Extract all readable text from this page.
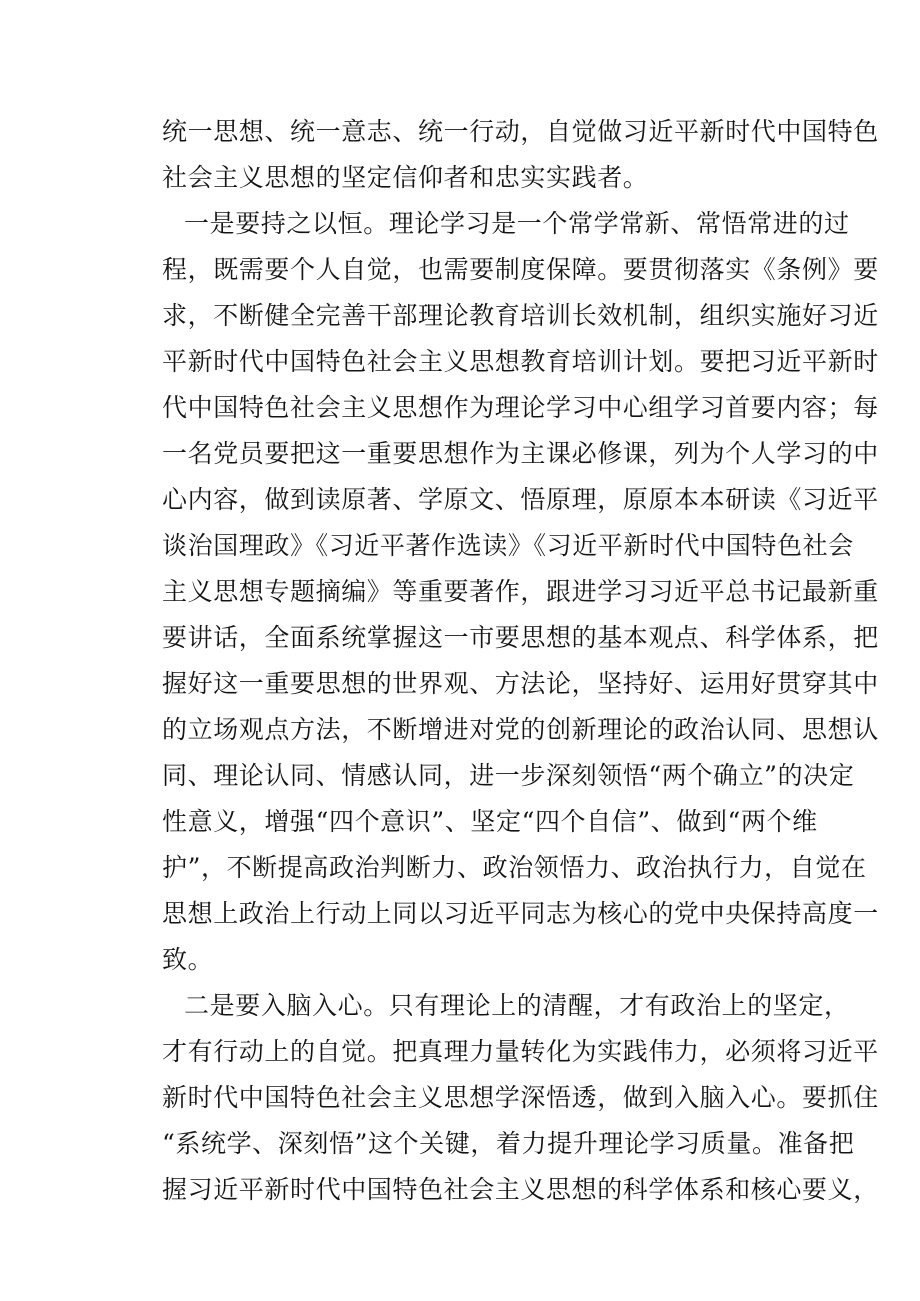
统一思想、统一意志、统一行动，自觉做习近平新时代中国特色
社会主义思想的坚定信仰者和忠实实践者。
一是要持之以恒。理论学习是一个常学常新、常悟常进的过
程，既需要个人自觉，也需要制度保障。要贯彻落实《条例》要
求，不断健全完善干部理论教育培训长效机制，组织实施好习近
平新时代中国特色社会主义思想教育培训计划。要把习近平新时
代中国特色社会主义思想作为理论学习中心组学习首要内容；每
一名党员要把这一重要思想作为主课必修课，列为个人学习的中
心内容，做到读原著、学原文、悟原理，原原本本研读《习近平
谈治国理政》《习近平著作选读》《习近平新时代中国特色社会
主义思想专题摘编》等重要著作，跟进学习习近平总书记最新重
要讲话，全面系统掌握这一市要思想的基本观点、科学体系，把
握好这一重要思想的世界观、方法论，坚持好、运用好贯穿其中
的立场观点方法，不断增进对党的创新理论的政治认同、思想认
同、理论认同、情感认同，进一步深刻领悟“两个确立”的决定
性意义，增强“四个意识”、坚定“四个自信”、做到“两个维
护”，不断提高政治判断力、政治领悟力、政治执行力，自觉在
思想上政治上行动上同以习近平同志为核心的党中央保持高度一
致。
二是要入脑入心。只有理论上的清醒，才有政治上的坚定，
才有行动上的自觉。把真理力量转化为实践伟力，必须将习近平
新时代中国特色社会主义思想学深悟透，做到入脑入心。要抓住
“系统学、深刻悟”这个关键，着力提升理论学习质量。准备把
握习近平新时代中国特色社会主义思想的科学体系和核心要义，
